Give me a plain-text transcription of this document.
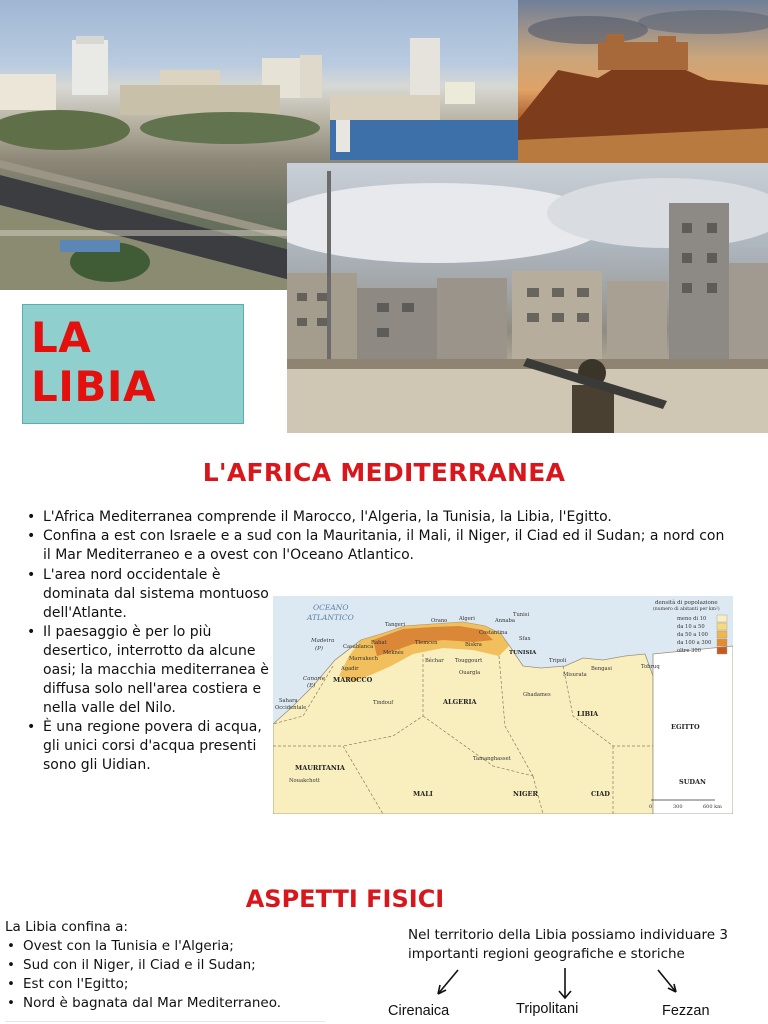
LA
LIBIA
L'AFRICA MEDITERRANEA
• L'Africa Mediterranea comprende il Marocco, l'Algeria, la Tunisia, la Libia, l'Egitto.
• Confina a est con Israele e a sud con la Mauritania, il Mali, il Niger, il Ciad ed il Sudan; a nord con il Mar Mediterraneo e a ovest con l'Oceano Atlantico.
• L'area nord occidentale è dominata dal sistema montuoso dell'Atlante.
• Il paesaggio è per lo più desertico, interrotto da alcune oasi; la macchia mediterranea è diffusa solo nell'area costiera e nella valle del Nilo.
• È una regione povera di acqua, gli unici corsi d'acqua presenti sono gli Uidian.
OCEANO
ATLANTICO
Madeira
(P)
Canarie
(E)
MAROCCO
ALGERIA
TUNISIA
LIBIA
EGITTO
MAURITANIA
MALI	NIGER	CIAD
SUDAN
Sahara
Occidentale
Tangeri
Rabat
Casablanca
Marrakech
Agadir
Meknès
Tlemcen
Orano Algeri	Annaba
Tunisi
Costantina
Biskra
Sfax
Touggourt
Béchar
Ouargla
Tripoli
Misurata
Bengasi	Tobruq
Ghadames
Tindouf
Tamanghasset
Nouakchott
densità di popolazione
(numero di abitanti per km²)
meno di 10
da 10 a 50
da 50 a 100
da 100 a 300
oltre 300
0	300	600 km
ASPETTI FISICI

La Libia confina a:

• Ovest con la Tunisia e l'Algeria;
• Sud con il Niger, il Ciad e il Sudan;
• Est con l'Egitto;
• Nord è bagnata dal Mar Mediterraneo.

Nel territorio della Libia possiamo individuare 3 importanti regioni geografiche e storiche

Cirenaica	Tripolitani	Fezzan
